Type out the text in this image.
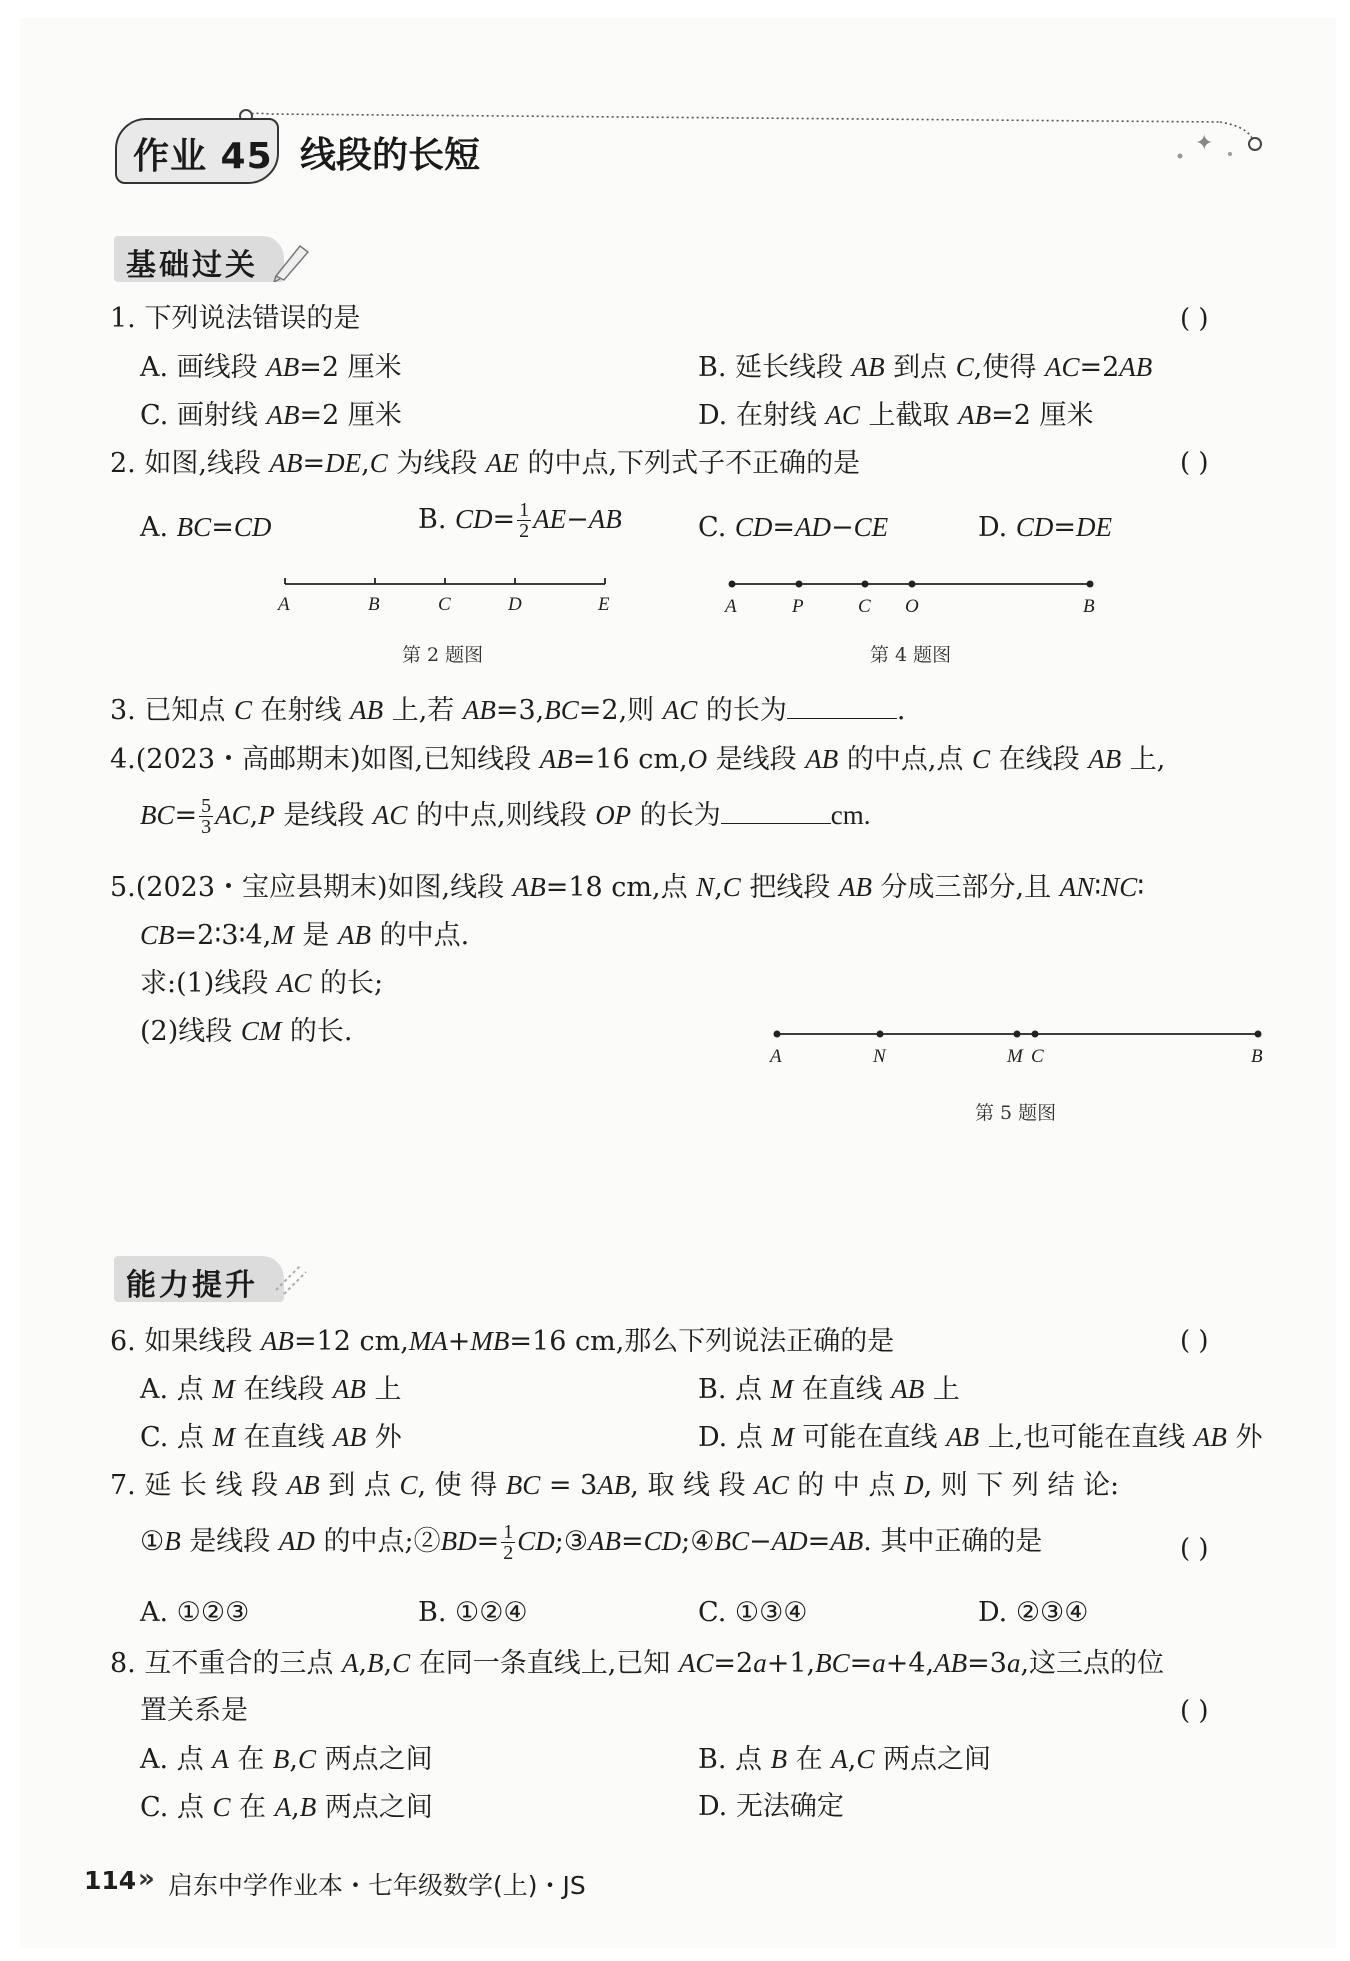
✦
作业 45 线段的长短
基础过关
1. 下列说法错误的是	( )
A. 画线段 AB=2 厘米	B. 延长线段 AB 到点 C,使得 AC=2AB
C. 画射线 AB=2 厘米	D. 在射线 AC 上截取 AB=2 厘米
2. 如图,线段 AB=DE,C 为线段 AE 的中点,下列式子不正确的是	( )
A. BC=CD	B. $CD= \frac{1}{2} AE-AB$	C. CD=AD−CE	D. CD=DE
A	B	C	D	E
第 2 题图
A	P	C O	B
第 4 题图
3. 已知点 C 在射线 AB 上,若 AB=3,BC=2,则 AC 的长为	.
4.(2023・高邮期末)如图,已知线段 AB=16 cm,O 是线段 AB 的中点,点 C 在线段 AB 上,
$BC= \frac{5}{3} AC,P$ 是线段 AC 的中点,则线段 OP 的长为	cm.
5.(2023・宝应县期末)如图,线段 AB=18 cm,点 N,C 把线段 AB 分成三部分,且 AN∶NC∶
CB=2∶3∶4,M 是 AB 的中点.
求:(1)线段 AC 的长;
(2)线段 CM 的长.
A	N	M C	B
第 5 题图
能力提升
6. 如果线段 AB=12 cm,MA+MB=16 cm,那么下列说法正确的是	( )
A. 点 M 在线段 AB 上	B. 点 M 在直线 AB 上
C. 点 M 在直线 AB 外	D. 点 M 可能在直线 AB 上,也可能在直线 AB 外
7. 延 长 线 段 AB 到 点 C, 使 得 BC = 3AB, 取 线 段 AC 的 中 点 D, 则 下 列 结 论:
①B 是线段 AD 的中点;②BD= $\frac{1}{2}$ CD;③AB=CD;④BC−AD=AB. 其中正确的是	( )
A. ①②③	B. ①②④	C. ①③④	D. ②③④
8. 互不重合的三点 A,B,C 在同一条直线上,已知 AC=2a+1,BC=a+4,AB=3a,这三点的位
置关系是	( )
A. 点 A 在 B,C 两点之间	B. 点 B 在 A,C 两点之间
C. 点 C 在 A,B 两点之间	D. 无法确定
114 » 启东中学作业本・七年级数学(上)・JS
